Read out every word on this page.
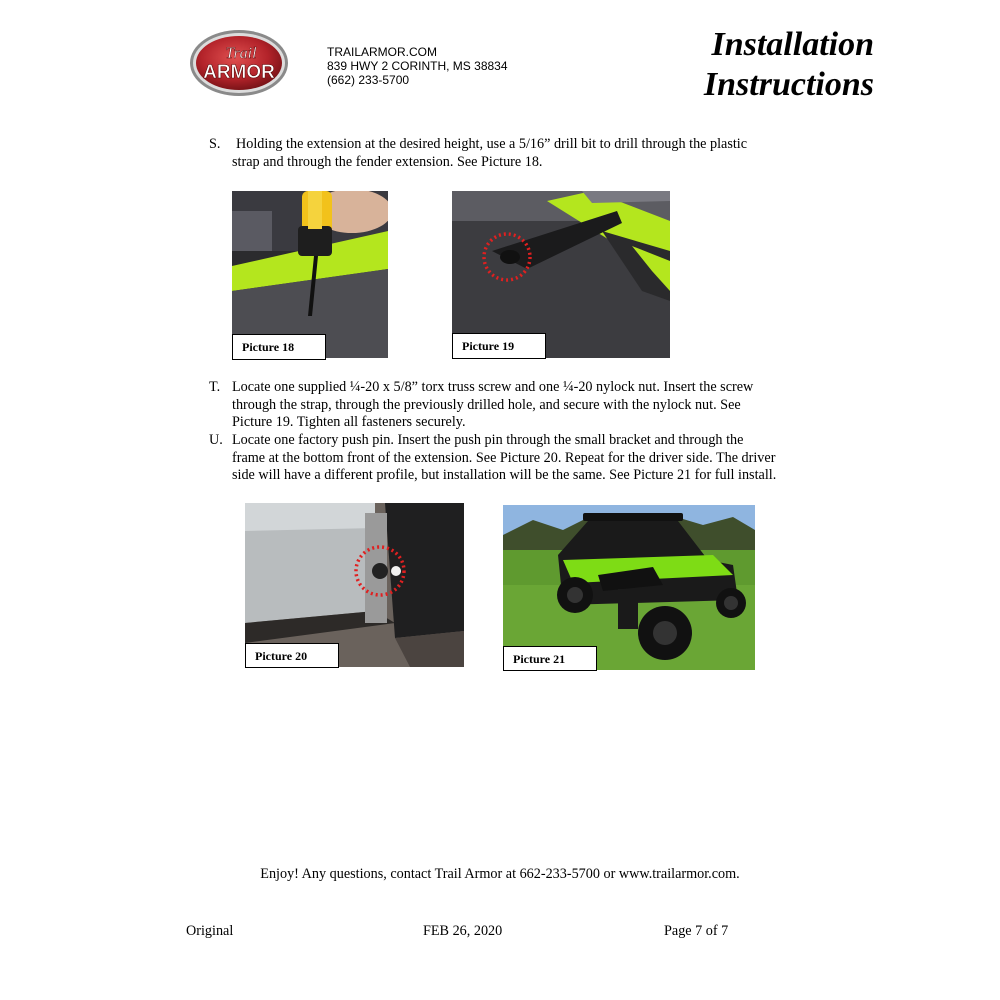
Trail
ARMOR
TRAILARMOR.COM
839 HWY 2 CORINTH, MS 38834
(662) 233-5700
Installation
Instructions
S. Holding the extension at the desired height, use a 5/16” drill bit to drill through the plastic
strap and through the fender extension. See Picture 18.
Picture 18	Picture 19
T. Locate one supplied ¼-20 x 5/8” torx truss screw and one ¼-20 nylock nut. Insert the screw
through the strap, through the previously drilled hole, and secure with the nylock nut. See
Picture 19. Tighten all fasteners securely.
U. Locate one factory push pin. Insert the push pin through the small bracket and through the
frame at the bottom front of the extension. See Picture 20. Repeat for the driver side. The driver
side will have a different profile, but installation will be the same. See Picture 21 for full install.
Picture 20	Picture 21
Enjoy! Any questions, contact Trail Armor at 662-233-5700 or www.trailarmor.com.
Original	FEB 26, 2020	Page 7 of 7
